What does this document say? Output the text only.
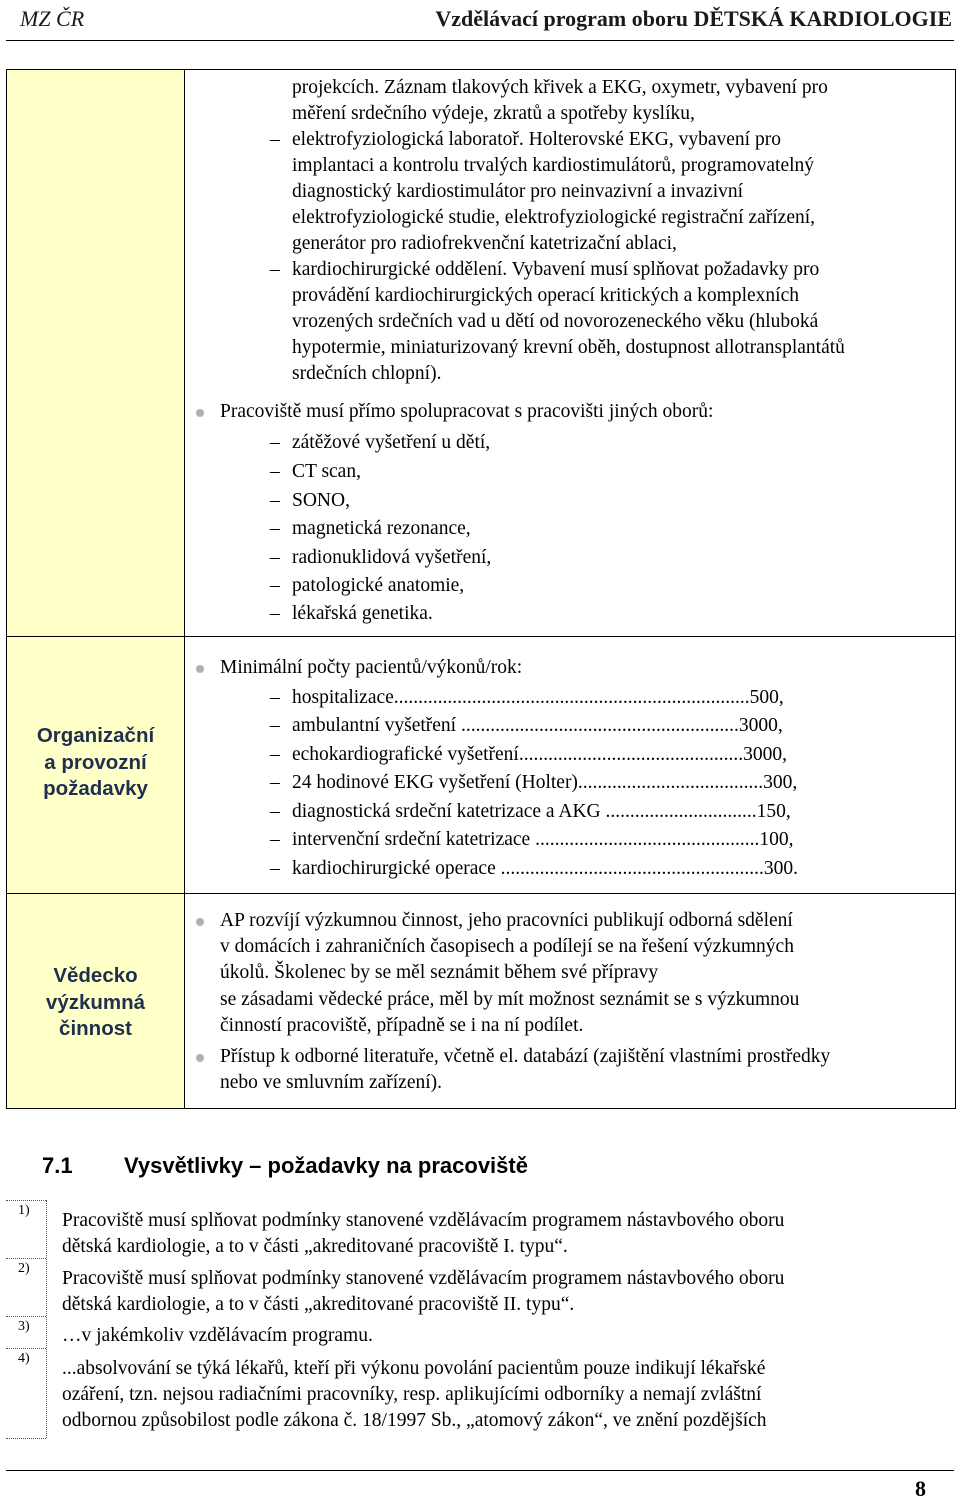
MZ ČR	Vzdělávací program oboru DĚTSKÁ KARDIOLOGIE
Organizační
a provozní
požadavky
Vědecko
výzkumná
činnost
projekcích. Záznam tlakových křivek a EKG, oxymetr, vybavení pro
měření srdečního výdeje, zkratů a spotřeby kyslíku,
– elektrofyziologická laboratoř. Holterovské EKG, vybavení pro
implantaci a kontrolu trvalých kardiostimulátorů, programovatelný
diagnostický kardiostimulátor pro neinvazivní a invazivní
elektrofyziologické studie, elektrofyziologické registrační zařízení,
generátor pro radiofrekvenční katetrizační ablaci,
– kardiochirurgické oddělení. Vybavení musí splňovat požadavky pro
provádění kardiochirurgických operací kritických a komplexních
vrozených srdečních vad u dětí od novorozeneckého věku (hluboká
hypotermie, miniaturizovaný krevní oběh, dostupnost allotransplantátů
srdečních chlopní).
Pracoviště musí přímo spolupracovat s pracovišti jiných oborů:
– zátěžové vyšetření u dětí,
– CT scan,
– SONO,
– magnetická rezonance,
– radionuklidová vyšetření,
– patologické anatomie,
– lékařská genetika.
Minimální počty pacientů/výkonů/rok:
– hospitalizace.........................................................................500,
– ambulantní vyšetření .........................................................3000,
– echokardiografické vyšetření..............................................3000,
– 24 hodinové EKG vyšetření (Holter)......................................300,
– diagnostická srdeční katetrizace a AKG ...............................150,
– intervenční srdeční katetrizace ..............................................100,
– kardiochirurgické operace ......................................................300.
AP rozvíjí výzkumnou činnost, jeho pracovníci publikují odborná sdělení
v domácích i zahraničních časopisech a podílejí se na řešení výzkumných
úkolů. Školenec by se měl seznámit během své přípravy
se zásadami vědecké práce, měl by mít možnost seznámit se s výzkumnou
činností pracoviště, případně se i na ní podílet.
Přístup k odborné literatuře, včetně el. databází (zajištění vlastními prostředky
nebo ve smluvním zařízení).
7.1 Vysvětlivky – požadavky na pracoviště
1) Pracoviště musí splňovat podmínky stanovené vzdělávacím programem nástavbového oboru
dětská kardiologie, a to v části „akreditované pracoviště I. typu“.
2) Pracoviště musí splňovat podmínky stanovené vzdělávacím programem nástavbového oboru
dětská kardiologie, a to v části „akreditované pracoviště II. typu“.
3) …v jakémkoliv vzdělávacím programu.
4) ...absolvování se týká lékařů, kteří při výkonu povolání pacientům pouze indikují lékařské
ozáření, tzn. nejsou radiačními pracovníky, resp. aplikujícími odborníky a nemají zvláštní
odbornou způsobilost podle zákona č. 18/1997 Sb., „atomový zákon“, ve znění pozdějších
8
